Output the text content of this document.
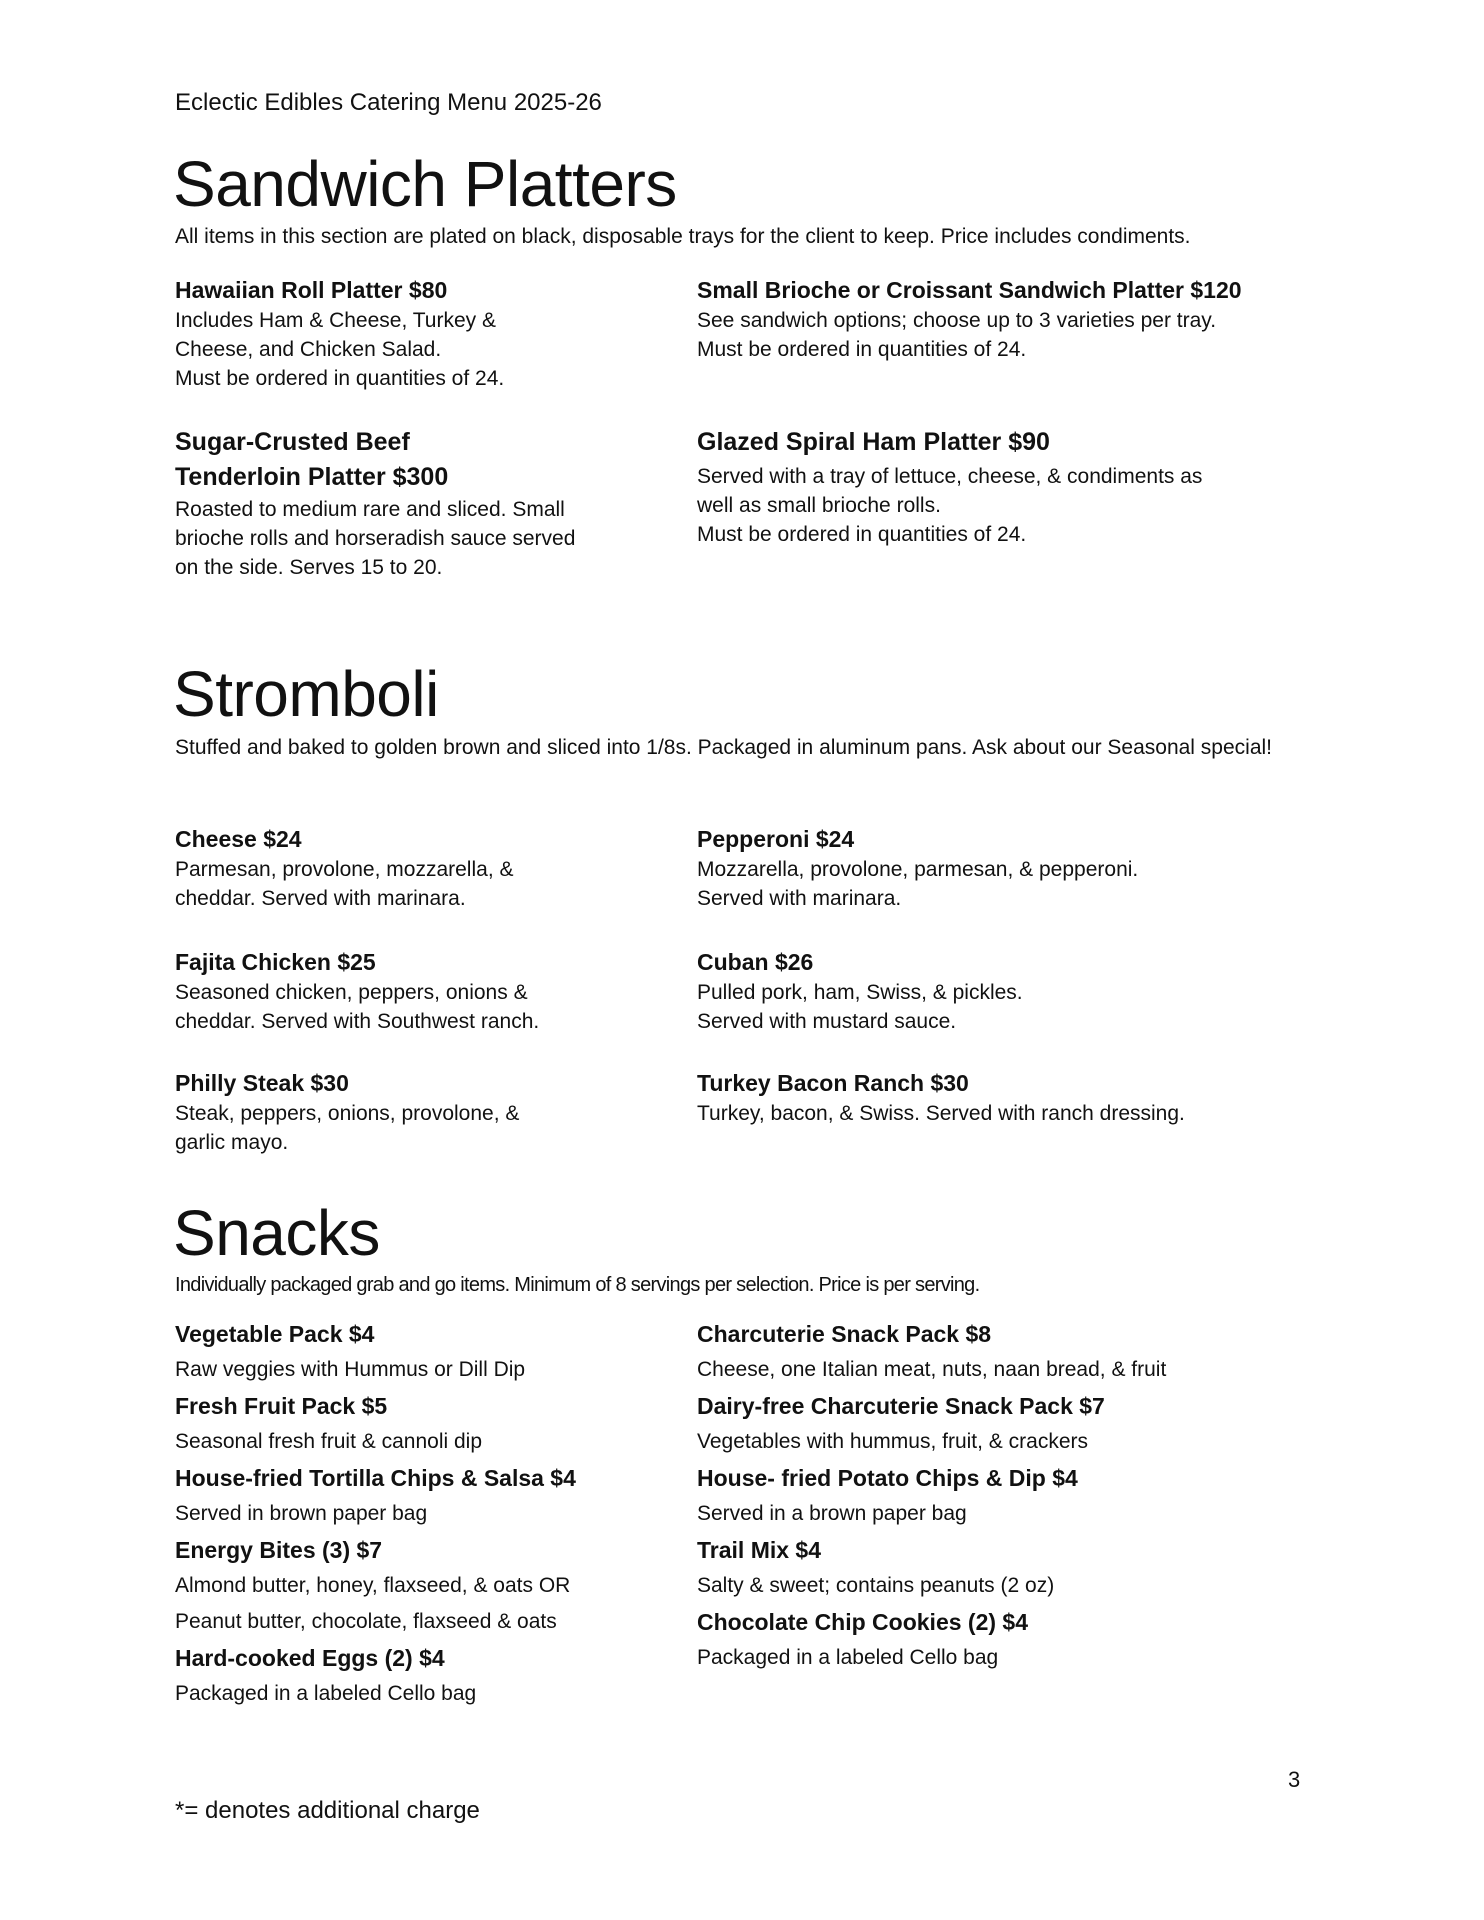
Eclectic Edibles Catering Menu 2025-26
Sandwich Platters
All items in this section are plated on black, disposable trays for the client to keep. Price includes condiments.
Hawaiian Roll Platter $80
Includes Ham & Cheese, Turkey &
Cheese, and Chicken Salad.
Must be ordered in quantities of 24.
Small Brioche or Croissant Sandwich Platter $120
See sandwich options; choose up to 3 varieties per tray.
Must be ordered in quantities of 24.
Sugar-Crusted Beef
Tenderloin Platter $300
Roasted to medium rare and sliced. Small
brioche rolls and horseradish sauce served
on the side. Serves 15 to 20.
Glazed Spiral Ham Platter $90
Served with a tray of lettuce, cheese, & condiments as
well as small brioche rolls.
Must be ordered in quantities of 24.
Stromboli
Stuffed and baked to golden brown and sliced into 1/8s. Packaged in aluminum pans. Ask about our Seasonal special!
Cheese $24
Parmesan, provolone, mozzarella, &
cheddar. Served with marinara.
Pepperoni $24
Mozzarella, provolone, parmesan, & pepperoni.
Served with marinara.
Fajita Chicken $25
Seasoned chicken, peppers, onions &
cheddar. Served with Southwest ranch.
Cuban $26
Pulled pork, ham, Swiss, & pickles.
Served with mustard sauce.
Philly Steak $30
Steak, peppers, onions, provolone, &
garlic mayo.
Turkey Bacon Ranch $30
Turkey, bacon, & Swiss. Served with ranch dressing.
Snacks
Individually packaged grab and go items. Minimum of 8 servings per selection. Price is per serving.
Vegetable Pack $4
Raw veggies with Hummus or Dill Dip
Fresh Fruit Pack $5
Seasonal fresh fruit & cannoli dip
House-fried Tortilla Chips & Salsa $4
Served in brown paper bag
Energy Bites (3) $7
Almond butter, honey, flaxseed, & oats OR
Peanut butter, chocolate, flaxseed & oats
Hard-cooked Eggs (2) $4
Packaged in a labeled Cello bag
Charcuterie Snack Pack $8
Cheese, one Italian meat, nuts, naan bread, & fruit
Dairy-free Charcuterie Snack Pack $7
Vegetables with hummus, fruit, & crackers
House- fried Potato Chips & Dip $4
Served in a brown paper bag
Trail Mix $4
Salty & sweet; contains peanuts (2 oz)
Chocolate Chip Cookies (2) $4
Packaged in a labeled Cello bag
3
*= denotes additional charge
